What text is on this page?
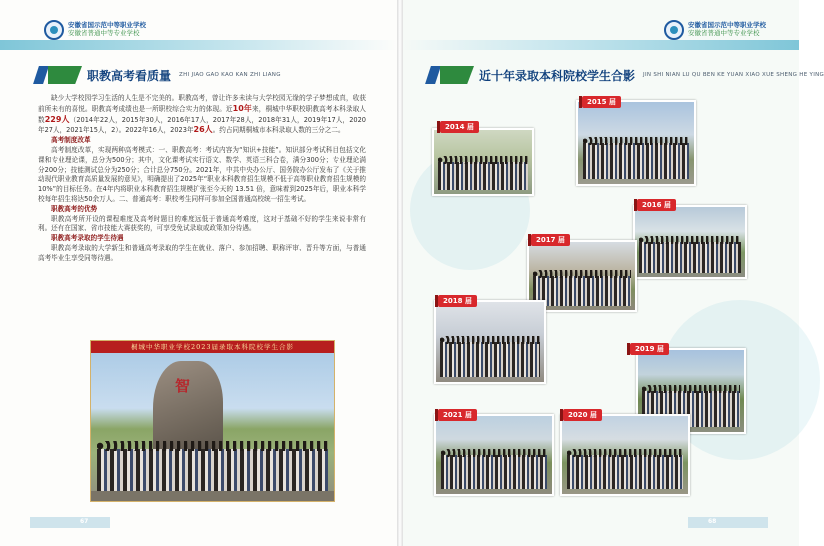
安徽省国示范中等职业学校
安徽省普通中等专业学校
职教高考看质量 ZHI JIAO GAO KAO KAN ZHI LIANG

缺少大学校园学习生活的人生是不完美的。职教高考，曾让许多未读与大学校园无缘的学子梦想成真，收获前所未有的喜悦。职教高考成绩也是一所职校综合实力的体现。近10年来，桐城中华职校职教高考本科录取人数229人（2014年22人，2015年30人，2016年17人，2017年28人，2018年31人，2019年17人，2020年27人，2021年15人，2）。2022年16人，2023年26人。约占同期桐城市本科录取人数的三分之二。

高考制度改革

高考制度改革，实现两种高考模式：一、职教高考：考试内容为“知识+技能”。知识部分考试科目包括文化课和专业理论课，总分为500分；其中，文化课考试实行语文、数学、英语三科合卷，满分300分；专业理论满分200分；技能测试总分为250分；合计总分750分。2021年，中共中央办公厅、国务院办公厅发布了《关于推动现代职业教育高质量发展的意见》，明确提出了2025年“职业本科教育招生规模不低于高等职业教育招生规模的10%”的目标任务。在4年内将职业本科教育招生规模扩张至今天的 13.51 倍，意味着到2025年后，职业本科学校每年招生将达50余万人。二、普通高考：职校考生同样可参加全国普通高校统一招生考试。

职教高考的优势

职教高考所开设的课程难度及高考时题目的难度远低于普通高考难度，这对于基础不好的学生来说非常有利。还有在国家、省市技能大赛获奖的，可享受免试录取或政策加分待遇。

职教高考录取的学生待遇

职教高考录取的大学新生和普通高考录取的学生在就业、落户、参加招聘、职称评审、晋升等方面，与普通高考毕业生享受同等待遇。

桐城中华职业学校2023届录取本科院校学生合影
智
67
安徽省国示范中等职业学校
安徽省普通中等专业学校
近十年录取本科院校学生合影 JIN SHI NIAN LU QU BEN KE YUAN XIAO XUE SHENG HE YING
2014 届
2015 届
2016 届
2017 届
2018 届
2019 届
2020 届
2021 届
68
